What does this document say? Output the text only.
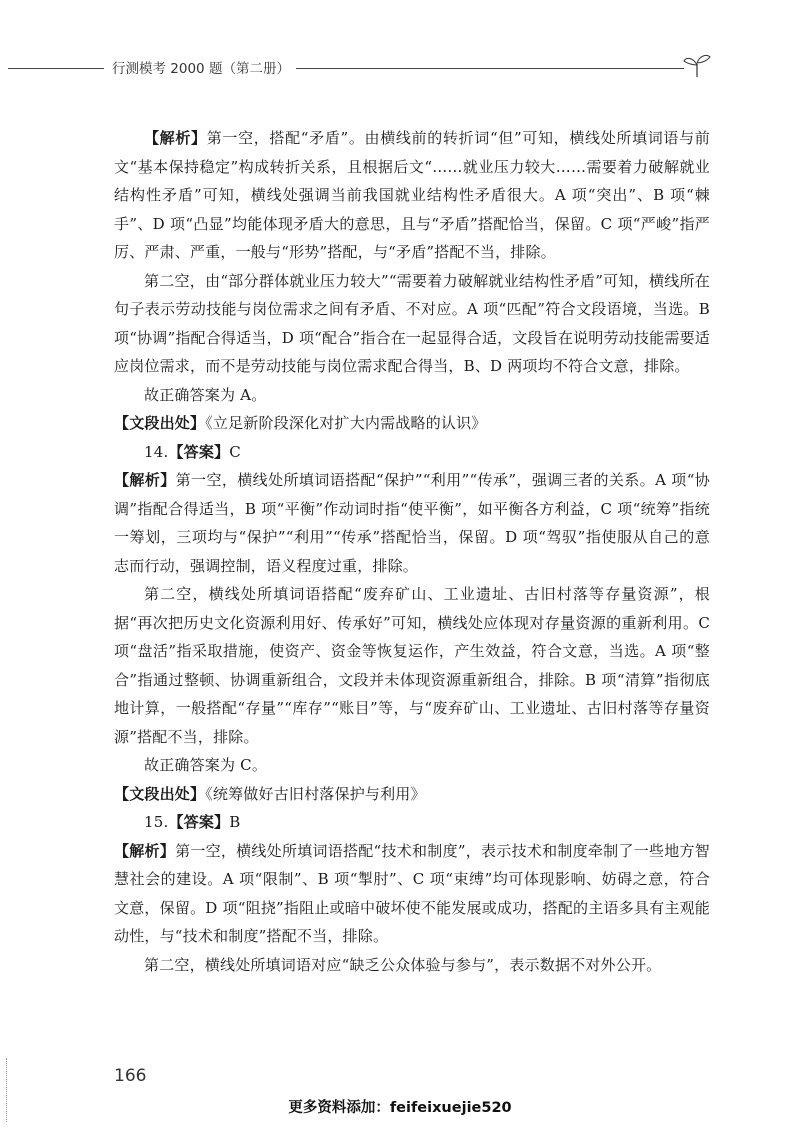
行测模考 2000 题（第二册）

【解析】第一空，搭配“矛盾”。由横线前的转折词“但”可知，横线处所填词语与前文“基本保持稳定”构成转折关系，且根据后文“……就业压力较大……需要着力破解就业结构性矛盾”可知，横线处强调当前我国就业结构性矛盾很大。A 项“突出”、B 项“棘手”、D 项“凸显”均能体现矛盾大的意思，且与“矛盾”搭配恰当，保留。C 项“严峻”指严厉、严肃、严重，一般与“形势”搭配，与“矛盾”搭配不当，排除。

第二空，由“部分群体就业压力较大”“需要着力破解就业结构性矛盾”可知，横线所在句子表示劳动技能与岗位需求之间有矛盾、不对应。A 项“匹配”符合文段语境，当选。B 项“协调”指配合得适当，D 项“配合”指合在一起显得合适，文段旨在说明劳动技能需要适应岗位需求，而不是劳动技能与岗位需求配合得当，B、D 两项均不符合文意，排除。

故正确答案为 A。

【文段出处】《立足新阶段深化对扩大内需战略的认识》

14.【答案】C

【解析】第一空，横线处所填词语搭配“保护”“利用”“传承”，强调三者的关系。A 项“协调”指配合得适当，B 项“平衡”作动词时指“使平衡”，如平衡各方利益，C 项“统筹”指统一筹划，三项均与“保护”“利用”“传承”搭配恰当，保留。D 项“驾驭”指使服从自己的意志而行动，强调控制，语义程度过重，排除。

第二空，横线处所填词语搭配“废弃矿山、工业遗址、古旧村落等存量资源”，根据“再次把历史文化资源利用好、传承好”可知，横线处应体现对存量资源的重新利用。C 项“盘活”指采取措施，使资产、资金等恢复运作，产生效益，符合文意，当选。A 项“整合”指通过整顿、协调重新组合，文段并未体现资源重新组合，排除。B 项“清算”指彻底地计算，一般搭配“存量”“库存”“账目”等，与“废弃矿山、工业遗址、古旧村落等存量资源”搭配不当，排除。

故正确答案为 C。

【文段出处】《统筹做好古旧村落保护与利用》

15.【答案】B

【解析】第一空，横线处所填词语搭配“技术和制度”，表示技术和制度牵制了一些地方智慧社会的建设。A 项“限制”、B 项“掣肘”、C 项“束缚”均可体现影响、妨碍之意，符合文意，保留。D 项“阻挠”指阻止或暗中破坏使不能发展或成功，搭配的主语多具有主观能动性，与“技术和制度”搭配不当，排除。

第二空，横线处所填词语对应“缺乏公众体验与参与”，表示数据不对外公开。

166
更多资料添加：feifeixuejie520
